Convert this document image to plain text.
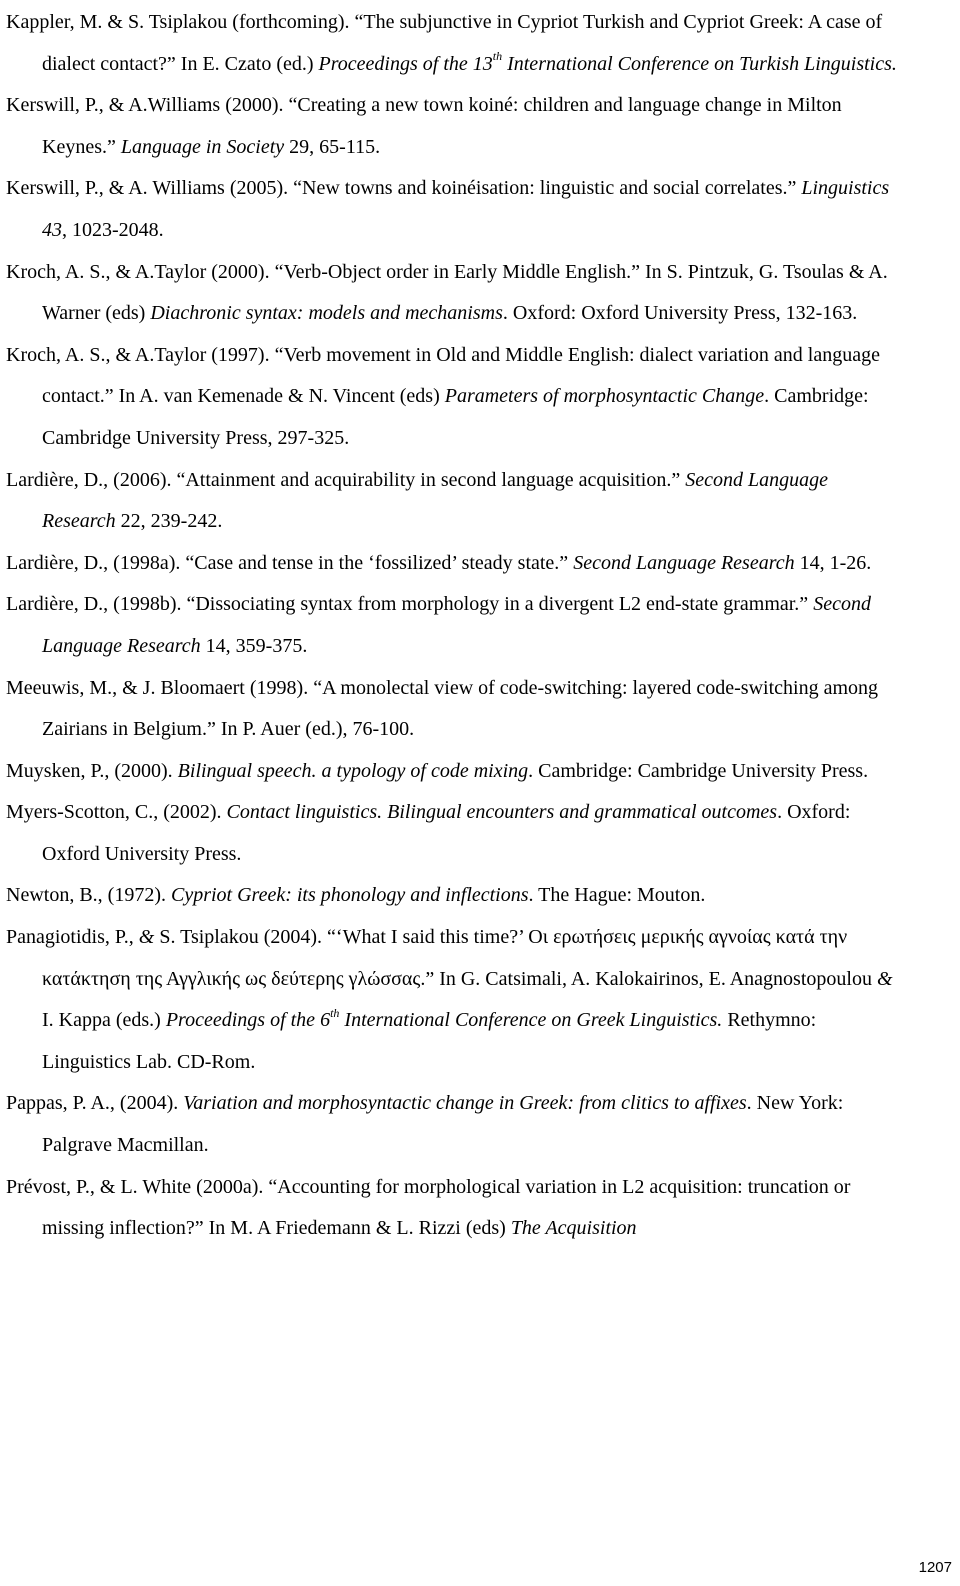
Kappler, M. & S. Tsiplakou (forthcoming). “The subjunctive in Cypriot Turkish and Cypriot Greek: A case of dialect contact?” In E. Czato (ed.) Proceedings of the 13th International Conference on Turkish Linguistics.

Kerswill, P., & A.Williams (2000). “Creating a new town koiné: children and language change in Milton Keynes.” Language in Society 29, 65-115.

Kerswill, P., & A. Williams (2005). “New towns and koinéisation: linguistic and social correlates.” Linguistics 43, 1023-2048.

Kroch, A. S., & A.Taylor (2000). “Verb-Object order in Early Middle English.” In S. Pintzuk, G. Tsoulas & A. Warner (eds) Diachronic syntax: models and mechanisms. Oxford: Oxford University Press, 132-163.

Kroch, A. S., & A.Taylor (1997). “Verb movement in Old and Middle English: dialect variation and language contact.” In A. van Kemenade & N. Vincent (eds) Parameters of morphosyntactic Change. Cambridge: Cambridge University Press, 297-325.

Lardière, D., (2006). “Attainment and acquirability in second language acquisition.” Second Language Research 22, 239-242.

Lardière, D., (1998a). “Case and tense in the ‘fossilized’ steady state.” Second Language Research 14, 1-26.

Lardière, D., (1998b). “Dissociating syntax from morphology in a divergent L2 end-state grammar.” Second Language Research 14, 359-375.

Meeuwis, M., & J. Bloomaert (1998). “A monolectal view of code-switching: layered code-switching among Zairians in Belgium.” In P. Auer (ed.), 76-100.

Muysken, P., (2000). Bilingual speech. a typology of code mixing. Cambridge: Cambridge University Press.

Myers-Scotton, C., (2002). Contact linguistics. Bilingual encounters and grammatical outcomes. Oxford: Oxford University Press.

Newton, B., (1972). Cypriot Greek: its phonology and inflections. The Hague: Mouton.

Panagiotidis, P., & S. Tsiplakou (2004). “‘What I said this time?’ Οι ερωτήσεις μερικής αγνοίας κατά την κατάκτηση της Αγγλικής ως δεύτερης γλώσσας.” In G. Catsimali, A. Kalokairinos, E. Anagnostopoulou & I. Kappa (eds.) Proceedings of the 6th International Conference on Greek Linguistics. Rethymno: Linguistics Lab. CD-Rom.

Pappas, P. A., (2004). Variation and morphosyntactic change in Greek: from clitics to affixes. New York: Palgrave Macmillan.

Prévost, P., & L. White (2000a). “Accounting for morphological variation in L2 acquisition: truncation or missing inflection?” In M. A Friedemann & L. Rizzi (eds) The Acquisition

1207
